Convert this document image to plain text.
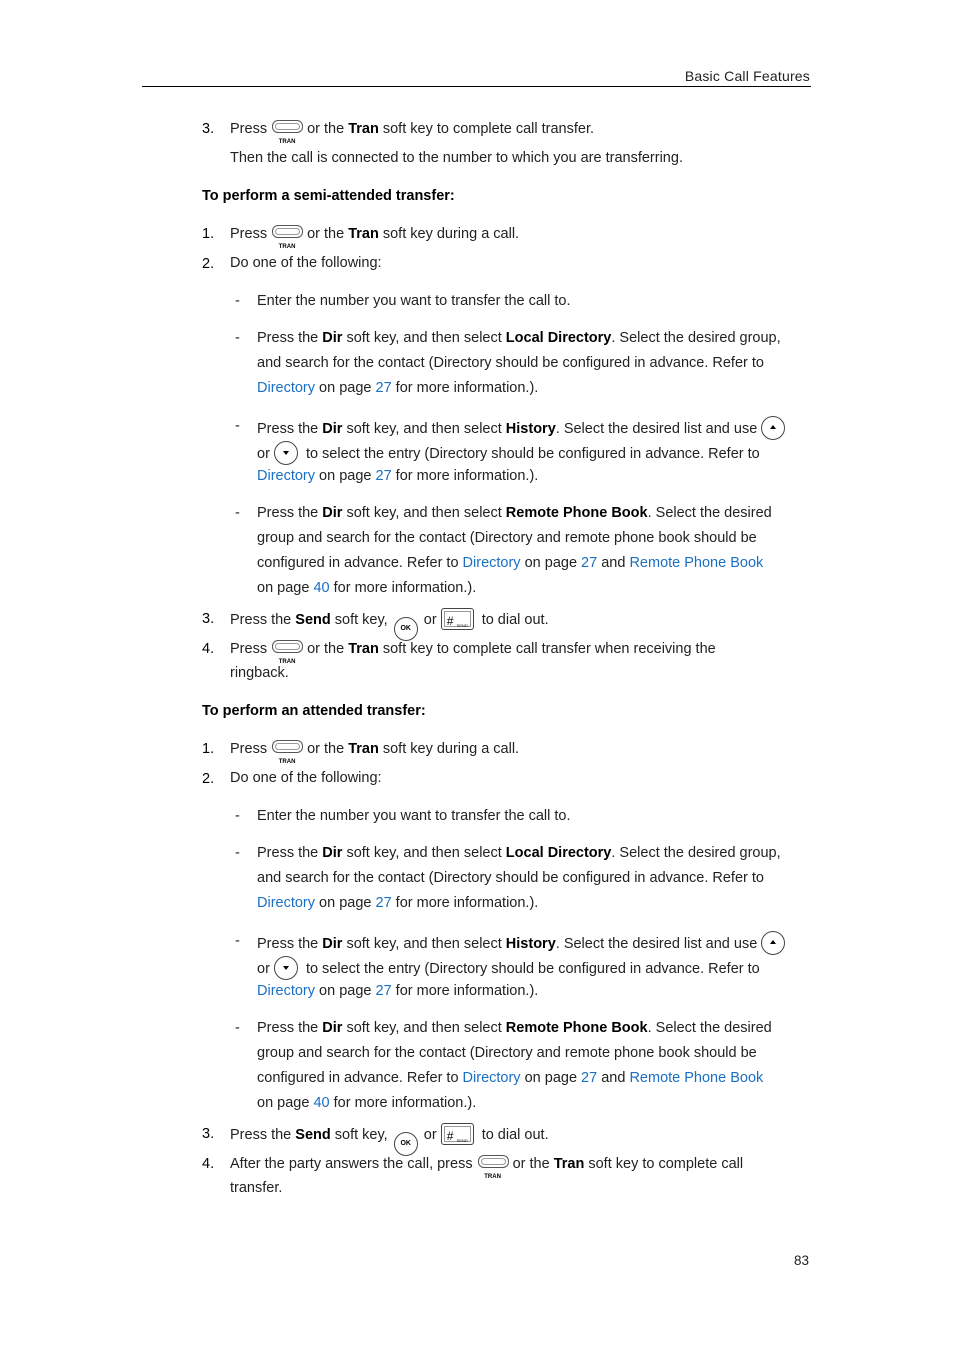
Basic Call Features
3. Press
TRAN
or the Tran soft key to complete call transfer.
Then the call is connected to the number to which you are transferring.
To perform a semi-attended transfer:
1. Press
TRAN
or the Tran soft key during a call.
2. Do one of the following:
- Enter the number you want to transfer the call to.
- Press the Dir soft key, and then select Local Directory. Select the desired group,
and search for the contact (Directory should be configured in advance. Refer to
Directory on page 27 for more information.).
- Press the Dir soft key, and then select History. Select the desired list and use
or to select the entry (Directory should be configured in advance. Refer to
Directory on page 27 for more information.).
- Press the Dir soft key, and then select Remote Phone Book. Select the desired
group and search for the contact (Directory and remote phone book should be
configured in advance. Refer to Directory on page 27 and Remote Phone Book
on page 40 for more information.).
3. Press the Send soft key, OK or # SEND to dial out.
4. Press
TRAN
or the Tran soft key to complete call transfer when receiving the
ringback.
To perform an attended transfer:
1. Press
TRAN
or the Tran soft key during a call.
2. Do one of the following:
- Enter the number you want to transfer the call to.
- Press the Dir soft key, and then select Local Directory. Select the desired group,
and search for the contact (Directory should be configured in advance. Refer to
Directory on page 27 for more information.).
- Press the Dir soft key, and then select History. Select the desired list and use
or to select the entry (Directory should be configured in advance. Refer to
Directory on page 27 for more information.).
- Press the Dir soft key, and then select Remote Phone Book. Select the desired
group and search for the contact (Directory and remote phone book should be
configured in advance. Refer to Directory on page 27 and Remote Phone Book
on page 40 for more information.).
3. Press the Send soft key, OK or # SEND to dial out.
4. After the party answers the call, press
TRAN
or the Tran soft key to complete call
transfer.
83
